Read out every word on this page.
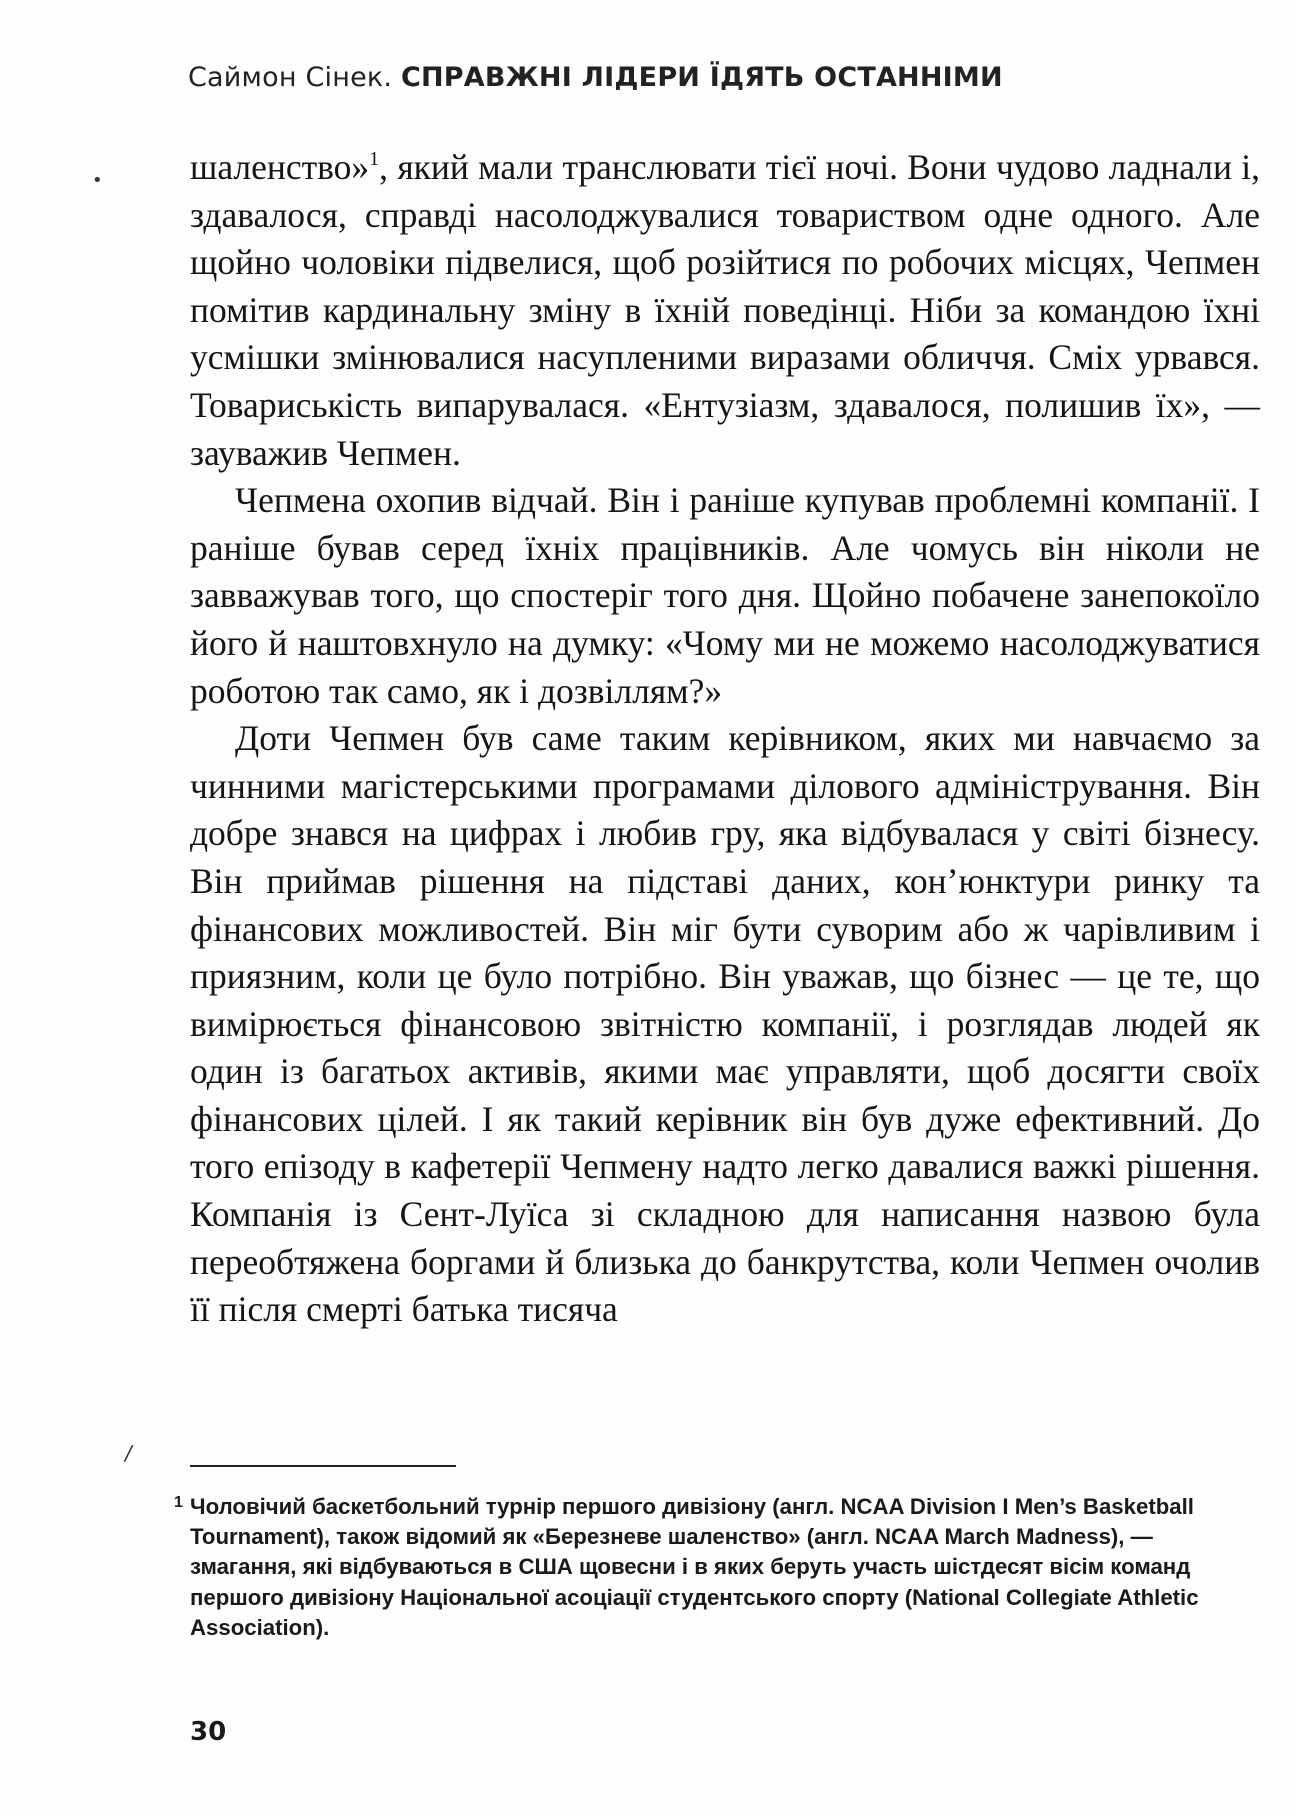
Саймон Сінек. СПРАВЖНІ ЛІДЕРИ ЇДЯТЬ ОСТАННІМИ
• шаленство»$^1$, який мали транслювати тієї ночі. Вони чудово ладнали і, здавалося, справді насолоджувалися товариством одне одного. Але щойно чоловіки підвелися, щоб розійтися по робочих місцях, Чепмен помітив кардинальну зміну в їхній поведінці. Ніби за командою їхні усмішки змінювалися насупленими виразами обличчя. Сміх урвався. Товариськість випарувалася. «Ентузіазм, здавалося, полишив їх», — зауважив Чепмен.

Чепмена охопив відчай. Він і раніше купував проблемні компанії. І раніше бував серед їхніх працівників. Але чомусь він ніколи не завважував того, що спостеріг того дня. Щойно побачене занепокоїло його й наштовхнуло на думку: «Чому ми не можемо насолоджуватися роботою так само, як і дозвіллям?»

Доти Чепмен був саме таким керівником, яких ми навчаємо за чинними магістерськими програмами ділового адміністрування. Він добре знався на цифрах і любив гру, яка відбувалася у світі бізнесу. Він приймав рішення на підставі даних, кон’юнктури ринку та фінансових можливостей. Він міг бути суворим або ж чарівливим і приязним, коли це було потрібно. Він уважав, що бізнес — це те, що вимірюється фінансовою звітністю компанії, і розглядав людей як один із багатьох активів, якими має управляти, щоб досягти своїх фінансових цілей. І як такий керівник він був дуже ефективний. До того епізоду в кафетерії Чепмену надто легко давалися важкі рішення. Компанія із Сент-Луїса зі складною для написання назвою була переобтяжена боргами й близька до банкрутства, коли Чепмен очолив її після смерті батька тисяча

/
1 Чоловічий баскетбольний турнір першого дивізіону (англ. NCAA Division I Men’s Basketball Tournament), також відомий як «Березневе шаленство» (англ. NCAA March Madness), — змагання, які відбуваються в США щовесни і в яких беруть участь шістдесят вісім команд першого дивізіону Національної асоціації студентського спорту (National Collegiate Athletic Association).
30
